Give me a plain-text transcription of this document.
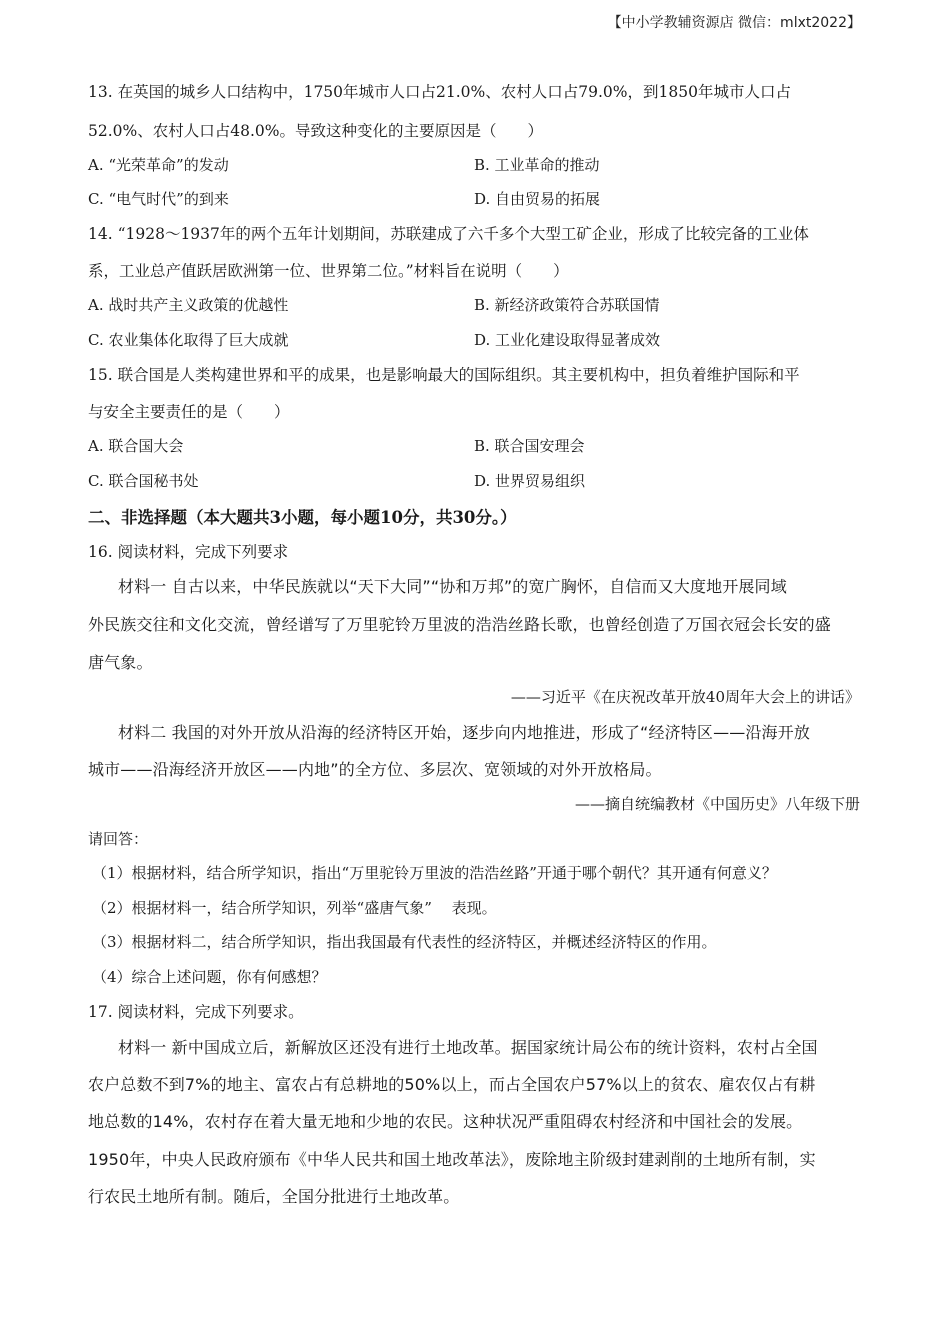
【中小学教辅资源店 微信：mlxt2022】
13. 在英国的城乡人口结构中，1750年城市人口占21.0%、农村人口占79.0%，到1850年城市人口占
52.0%、农村人口占48.0%。导致这种变化的主要原因是（　　）
A. “光荣革命”的发动	B. 工业革命的推动
C. “电气时代”的到来	D. 自由贸易的拓展
14. “1928～1937年的两个五年计划期间，苏联建成了六千多个大型工矿企业，形成了比较完备的工业体
系，工业总产值跃居欧洲第一位、世界第二位。”材料旨在说明（　　）
A. 战时共产主义政策的优越性	B. 新经济政策符合苏联国情
C. 农业集体化取得了巨大成就	D. 工业化建设取得显著成效
15. 联合国是人类构建世界和平的成果，也是影响最大的国际组织。其主要机构中，担负着维护国际和平
与安全主要责任的是（　　）
A. 联合国大会	B. 联合国安理会
C. 联合国秘书处	D. 世界贸易组织
二、非选择题（本大题共3小题，每小题10分，共30分。）
16. 阅读材料，完成下列要求
材料一 自古以来，中华民族就以“天下大同”“协和万邦”的宽广胸怀，自信而又大度地开展同域
外民族交往和文化交流，曾经谱写了万里驼铃万里波的浩浩丝路长歌，也曾经创造了万国衣冠会长安的盛
唐气象。
——习近平《在庆祝改革开放40周年大会上的讲话》
材料二 我国的对外开放从沿海的经济特区开始，逐步向内地推进，形成了“经济特区——沿海开放
城市——沿海经济开放区——内地”的全方位、多层次、宽领域的对外开放格局。
——摘自统编教材《中国历史》八年级下册
请回答：
（1）根据材料，结合所学知识，指出“万里驼铃万里波的浩浩丝路”开通于哪个朝代？其开通有何意义？
（2）根据材料一，结合所学知识，列举“盛唐气象”　 表现。
（3）根据材料二，结合所学知识，指出我国最有代表性的经济特区，并概述经济特区的作用。
（4）综合上述问题，你有何感想？
17. 阅读材料，完成下列要求。
材料一 新中国成立后，新解放区还没有进行土地改革。据国家统计局公布的统计资料，农村占全国
农户总数不到7%的地主、富农占有总耕地的50%以上，而占全国农户57%以上的贫农、雇农仅占有耕
地总数的14%，农村存在着大量无地和少地的农民。这种状况严重阻碍农村经济和中国社会的发展。
1950年，中央人民政府颁布《中华人民共和国土地改革法》，废除地主阶级封建剥削的土地所有制，实
行农民土地所有制。随后，全国分批进行土地改革。
